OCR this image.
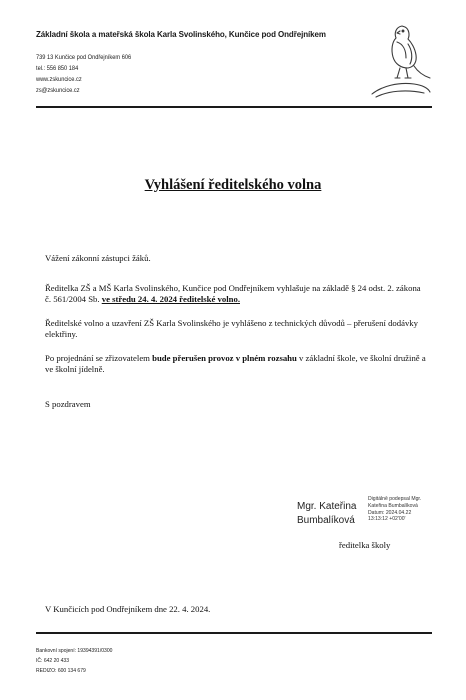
Základní škola a mateřská škola Karla Svolinského, Kunčice pod Ondřejníkem
739 13 Kunčice pod Ondřejníkem 606
tel.: 556 850 184
www.zskuncice.cz
zs@zskuncice.cz
Vyhlášení ředitelského volna
Vážení zákonní zástupci žáků.

Ředitelka ZŠ a MŠ Karla Svolinského, Kunčice pod Ondřejníkem vyhlašuje na základě § 24 odst. 2. zákona č. 561/2004 Sb. ve středu 24. 4. 2024 ředitelské volno.

Ředitelské volno a uzavření ZŠ Karla Svolinského je vyhlášeno z technických důvodů – přerušení dodávky elektřiny.

Po projednání se zřizovatelem bude přerušen provoz v plném rozsahu v základní škole, ve školní družině a ve školní jídelně.

S pozdravem
Mgr. Kateřina
Bumbalíková
Digitálně podepsal Mgr.
Kateřina Bumbalíková
Datum: 2024.04.22
13:13:12 +02'00'
ředitelka školy
V Kunčicích pod Ondřejníkem dne 22. 4. 2024.
Bankovní spojení: 19394391/0300
IČ: 642 20 433
REDIZO: 600 134 679
